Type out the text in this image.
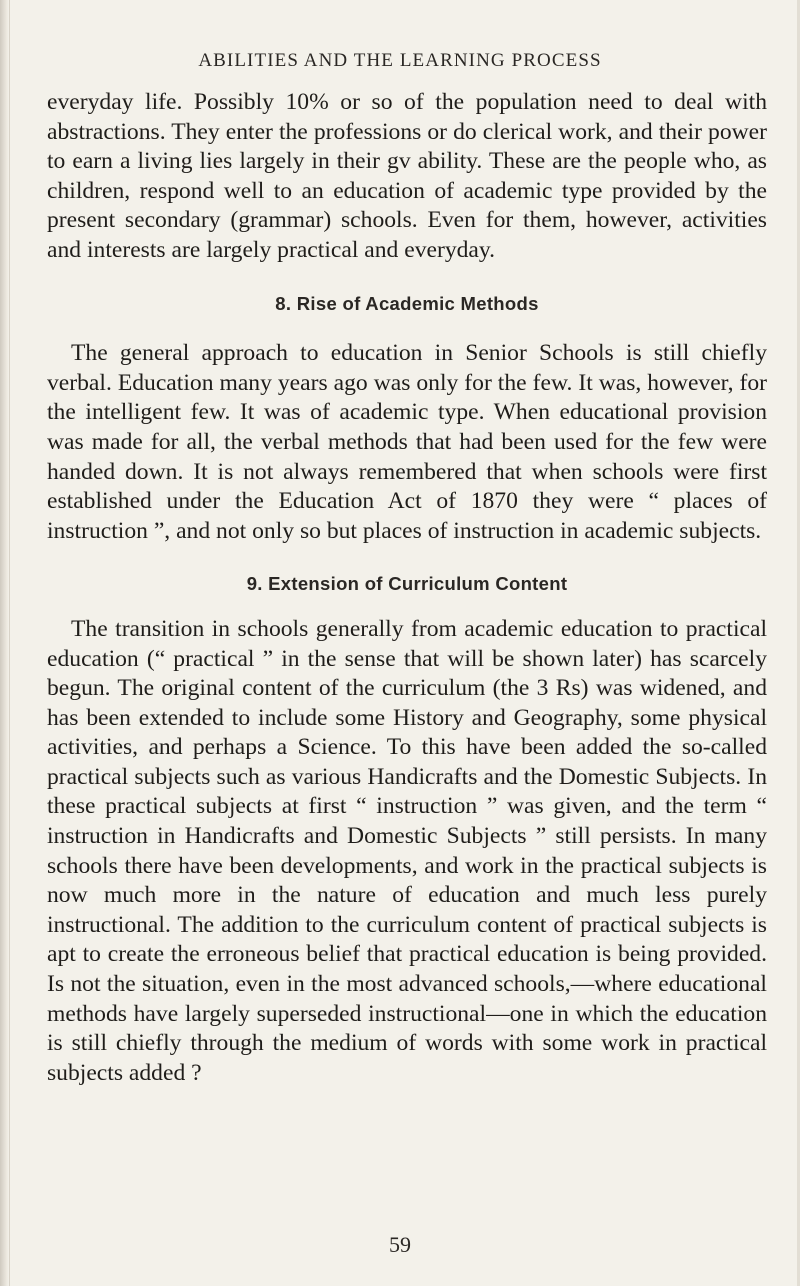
ABILITIES AND THE LEARNING PROCESS

everyday life. Possibly 10% or so of the population need to deal with abstractions. They enter the professions or do clerical work, and their power to earn a living lies largely in their gv ability. These are the people who, as children, respond well to an education of academic type provided by the present secondary (grammar) schools. Even for them, however, activities and interests are largely practical and everyday.

8. Rise of Academic Methods

The general approach to education in Senior Schools is still chiefly verbal. Education many years ago was only for the few. It was, however, for the intelligent few. It was of academic type. When educational provision was made for all, the verbal methods that had been used for the few were handed down. It is not always remembered that when schools were first established under the Education Act of 1870 they were “ places of instruction ”, and not only so but places of instruction in academic subjects.

9. Extension of Curriculum Content

The transition in schools generally from academic education to practical education (“ practical ” in the sense that will be shown later) has scarcely begun. The original content of the curriculum (the 3 Rs) was widened, and has been extended to include some History and Geography, some physical activities, and perhaps a Science. To this have been added the so-called practical subjects such as various Handicrafts and the Domestic Subjects. In these practical subjects at first “ instruction ” was given, and the term “ instruction in Handicrafts and Domestic Subjects ” still persists. In many schools there have been developments, and work in the practical subjects is now much more in the nature of education and much less purely instructional. The addition to the curriculum content of practical subjects is apt to create the erroneous belief that practical education is being provided. Is not the situation, even in the most advanced schools,—where educational methods have largely superseded instructional—one in which the education is still chiefly through the medium of words with some work in practical subjects added ?

59
